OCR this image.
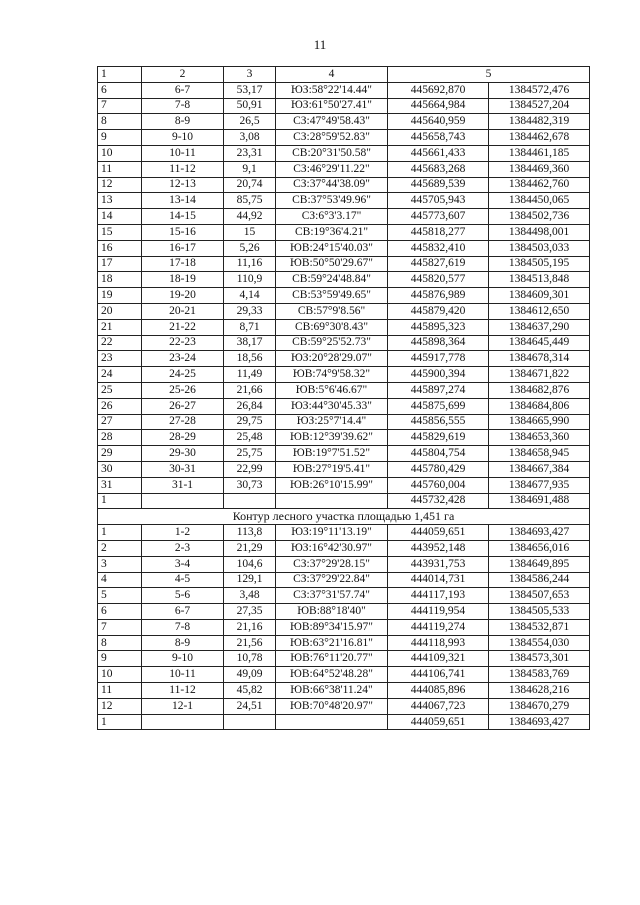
11
1	2	3	4	5	
6	6-7	53,17	ЮЗ:58°22'14.44"	445692,870	1384572,476
7	7-8	50,91	ЮЗ:61°50'27.41"	445664,984	1384527,204
8	8-9	26,5	СЗ:47°49'58.43"	445640,959	1384482,319
9	9-10	3,08	СЗ:28°59'52.83"	445658,743	1384462,678
10	10-11	23,31	СВ:20°31'50.58"	445661,433	1384461,185
11	11-12	9,1	СЗ:46°29'11.22"	445683,268	1384469,360
12	12-13	20,74	СЗ:37°44'38.09"	445689,539	1384462,760
13	13-14	85,75	СВ:37°53'49.96"	445705,943	1384450,065
14	14-15	44,92	СЗ:6°3'3.17"	445773,607	1384502,736
15	15-16	15	СВ:19°36'4.21"	445818,277	1384498,001
16	16-17	5,26	ЮВ:24°15'40.03"	445832,410	1384503,033
17	17-18	11,16	ЮВ:50°50'29.67"	445827,619	1384505,195
18	18-19	110,9	СВ:59°24'48.84"	445820,577	1384513,848
19	19-20	4,14	СВ:53°59'49.65"	445876,989	1384609,301
20	20-21	29,33	СВ:57°9'8.56"	445879,420	1384612,650
21	21-22	8,71	СВ:69°30'8.43"	445895,323	1384637,290
22	22-23	38,17	СВ:59°25'52.73"	445898,364	1384645,449
23	23-24	18,56	ЮЗ:20°28'29.07"	445917,778	1384678,314
24	24-25	11,49	ЮВ:74°9'58.32"	445900,394	1384671,822
25	25-26	21,66	ЮВ:5°6'46.67"	445897,274	1384682,876
26	26-27	26,84	ЮЗ:44°30'45.33"	445875,699	1384684,806
27	27-28	29,75	ЮЗ:25°7'14.4"	445856,555	1384665,990
28	28-29	25,48	ЮВ:12°39'39.62"	445829,619	1384653,360
29	29-30	25,75	ЮВ:19°7'51.52"	445804,754	1384658,945
30	30-31	22,99	ЮВ:27°19'5.41"	445780,429	1384667,384
31	31-1	30,73	ЮВ:26°10'15.99"	445760,004	1384677,935
1				445732,428	1384691,488
Контур лесного участка площадью 1,451 га					
1	1-2	113,8	ЮЗ:19°11'13.19"	444059,651	1384693,427
2	2-3	21,29	ЮЗ:16°42'30.97"	443952,148	1384656,016
3	3-4	104,6	СЗ:37°29'28.15"	443931,753	1384649,895
4	4-5	129,1	СЗ:37°29'22.84"	444014,731	1384586,244
5	5-6	3,48	СЗ:37°31'57.74"	444117,193	1384507,653
6	6-7	27,35	ЮВ:88°18'40"	444119,954	1384505,533
7	7-8	21,16	ЮВ:89°34'15.97"	444119,274	1384532,871
8	8-9	21,56	ЮВ:63°21'16.81"	444118,993	1384554,030
9	9-10	10,78	ЮВ:76°11'20.77"	444109,321	1384573,301
10	10-11	49,09	ЮВ:64°52'48.28"	444106,741	1384583,769
11	11-12	45,82	ЮВ:66°38'11.24"	444085,896	1384628,216
12	12-1	24,51	ЮВ:70°48'20.97"	444067,723	1384670,279
1				444059,651	1384693,427
